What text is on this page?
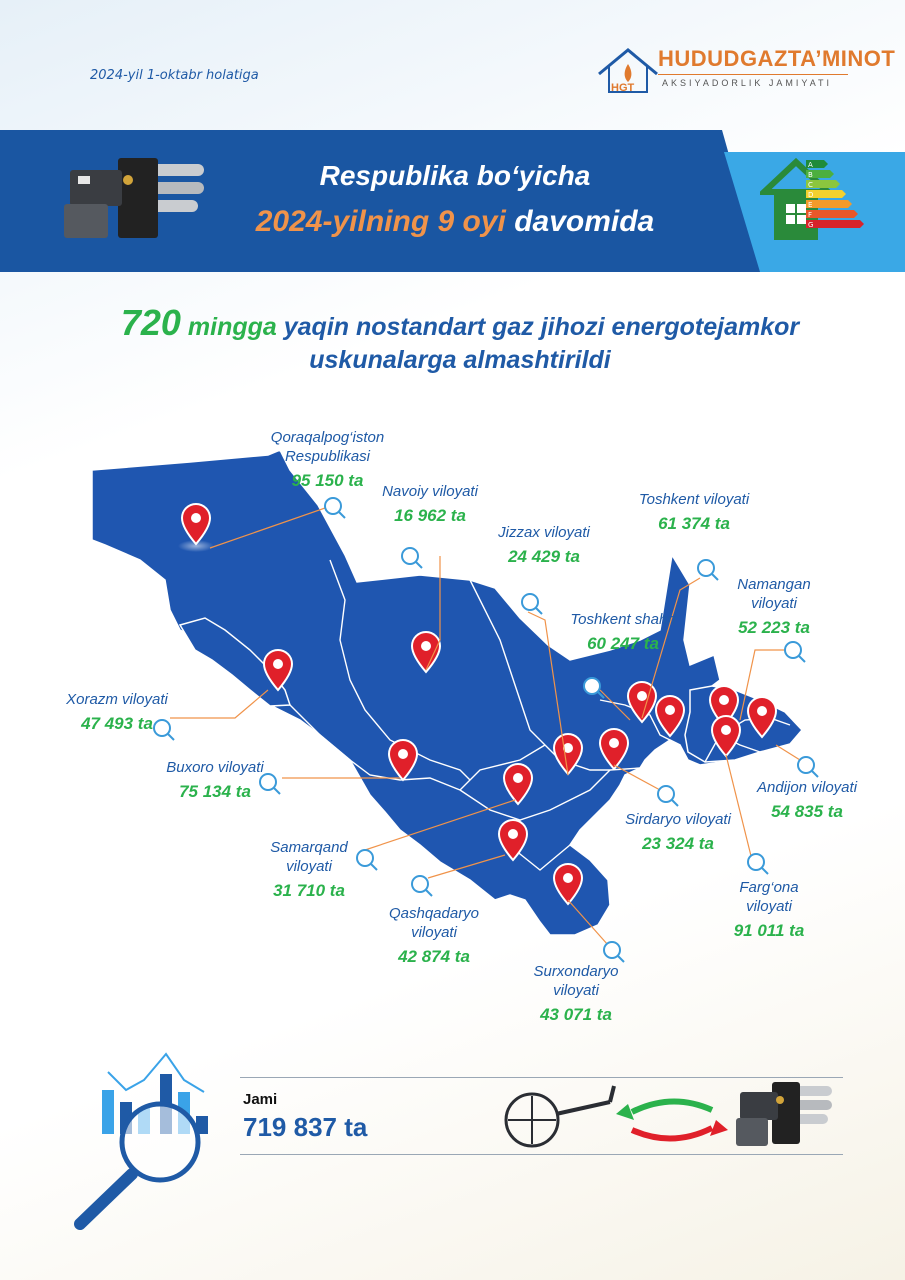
2024-yil 1-oktabr holatiga
HGT
HUDUDGAZTA’MINOT
AKSIYADORLIK JAMIYATI
Respublika bo‘yicha
2024-yilning 9 oyi davomida
A
B
C
D
E
F
G
720 mingga yaqin nostandart gaz jihozi energotejamkor
uskunalarga almashtirildi
Qoraqalpog‘iston Respublikasi
95 150 ta
Navoiy viloyati
16 962 ta
Jizzax viloyati
24 429 ta
Toshkent viloyati
61 374 ta
Namangan viloyati
52 223 ta
Toshkent shahri
60 247 ta
Xorazm viloyati
47 493 ta
Buxoro viloyati
75 134 ta	Andijon viloyati
54 835 ta
Samarqand viloyati
31 710 ta
Sirdaryo viloyati
23 324 ta
Qashqadaryo viloyati
42 874 ta
Farg‘ona viloyati
91 011 ta
Surxondaryo viloyati
43 071 ta
Jami
719 837 ta
